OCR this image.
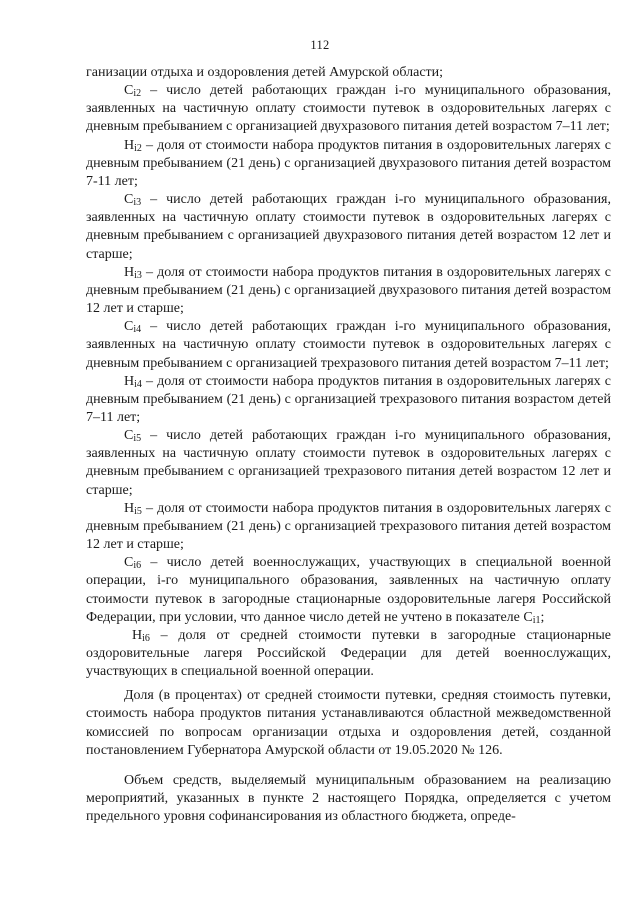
112

ганизации отдыха и оздоровления детей Амурской области;

$С_{i2}$ – число детей работающих граждан i-го муниципального образования, заявленных на частичную оплату стоимости путевок в оздоровительных лагерях с дневным пребыванием с организацией двухразового питания детей возрастом 7–11 лет;

$Н_{i2}$ – доля от стоимости набора продуктов питания в оздоровительных лагерях с дневным пребыванием (21 день) с организацией двухразового питания детей возрастом 7-11 лет;

$С_{i3}$ – число детей работающих граждан i-го муниципального образования, заявленных на частичную оплату стоимости путевок в оздоровительных лагерях с дневным пребыванием с организацией двухразового питания детей возрастом 12 лет и старше;

$Н_{i3}$ – доля от стоимости набора продуктов питания в оздоровительных лагерях с дневным пребыванием (21 день) с организацией двухразового питания детей возрастом 12 лет и старше;

$С_{i4}$ – число детей работающих граждан i-го муниципального образования, заявленных на частичную оплату стоимости путевок в оздоровительных лагерях с дневным пребыванием с организацией трехразового питания детей возрастом 7–11 лет;

$Н_{i4}$ – доля от стоимости набора продуктов питания в оздоровительных лагерях с дневным пребыванием (21 день) с организацией трехразового питания возрастом детей 7–11 лет;

$С_{i5}$ – число детей работающих граждан i-го муниципального образования, заявленных на частичную оплату стоимости путевок в оздоровительных лагерях с дневным пребыванием с организацией трехразового питания детей возрастом 12 лет и старше;

$Н_{i5}$ – доля от стоимости набора продуктов питания в оздоровительных лагерях с дневным пребыванием (21 день) с организацией трехразового питания детей возрастом 12 лет и старше;

$С_{i6}$ – число детей военнослужащих, участвующих в специальной военной операции, i-го муниципального образования, заявленных на частичную оплату стоимости путевок в загородные стационарные оздоровительные лагеря Российской Федерации, при условии, что данное число детей не учтено в показателе $С_{i1}$;

$Н_{i6}$ – доля от средней стоимости путевки в загородные стационарные оздоровительные лагеря Российской Федерации для детей военнослужащих, участвующих в специальной военной операции.

Доля (в процентах) от средней стоимости путевки, средняя стоимость путевки, стоимость набора продуктов питания устанавливаются областной межведомственной комиссией по вопросам организации отдыха и оздоровления детей, созданной постановлением Губернатора Амурской области от 19.05.2020 № 126.

Объем средств, выделяемый муниципальным образованием на реализацию мероприятий, указанных в пункте 2 настоящего Порядка, определяется с учетом предельного уровня софинансирования из областного бюджета, опреде-
